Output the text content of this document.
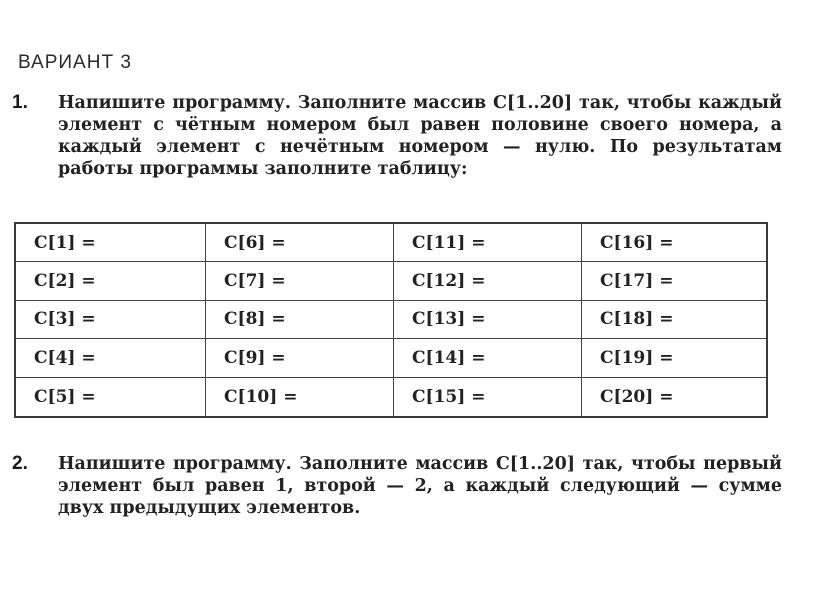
ВАРИАНТ 3
1.	Напишите программу. Заполните массив C[1..20] так, чтобы каждый элемент с чётным номером был равен половине своего номера, а каждый элемент с нечётным номером — нулю. По результатам работы программы заполните таблицу:
C[1] =	C[6] =	C[11] =	C[16] =
C[2] =	C[7] =	C[12] =	C[17] =
C[3] =	C[8] =	C[13] =	C[18] =
C[4] =	C[9] =	C[14] =	C[19] =
C[5] =	C[10] =	C[15] =	C[20] =
2.	Напишите программу. Заполните массив C[1..20] так, чтобы первый элемент был равен 1, второй — 2, а каждый следующий — сумме двух предыдущих элементов.
